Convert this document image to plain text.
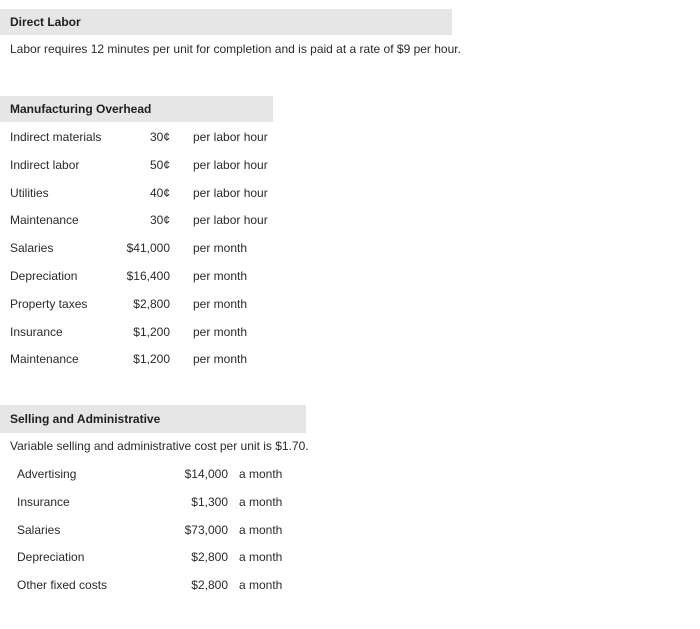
Direct Labor
Labor requires 12 minutes per unit for completion and is paid at a rate of $9 per hour.
Manufacturing Overhead
Indirect materials	30¢ per labor hour
Indirect labor	50¢ per labor hour
Utilities	40¢ per labor hour
Maintenance	30¢ per labor hour
Salaries	$41,000 per month
Depreciation	$16,400 per month
Property taxes	$2,800 per month
Insurance	$1,200 per month
Maintenance	$1,200 per month
Selling and Administrative
Variable selling and administrative cost per unit is $1.70.
Advertising	$14,000 a month
Insurance	$1,300 a month
Salaries	$73,000 a month
Depreciation	$2,800 a month
Other fixed costs	$2,800 a month
